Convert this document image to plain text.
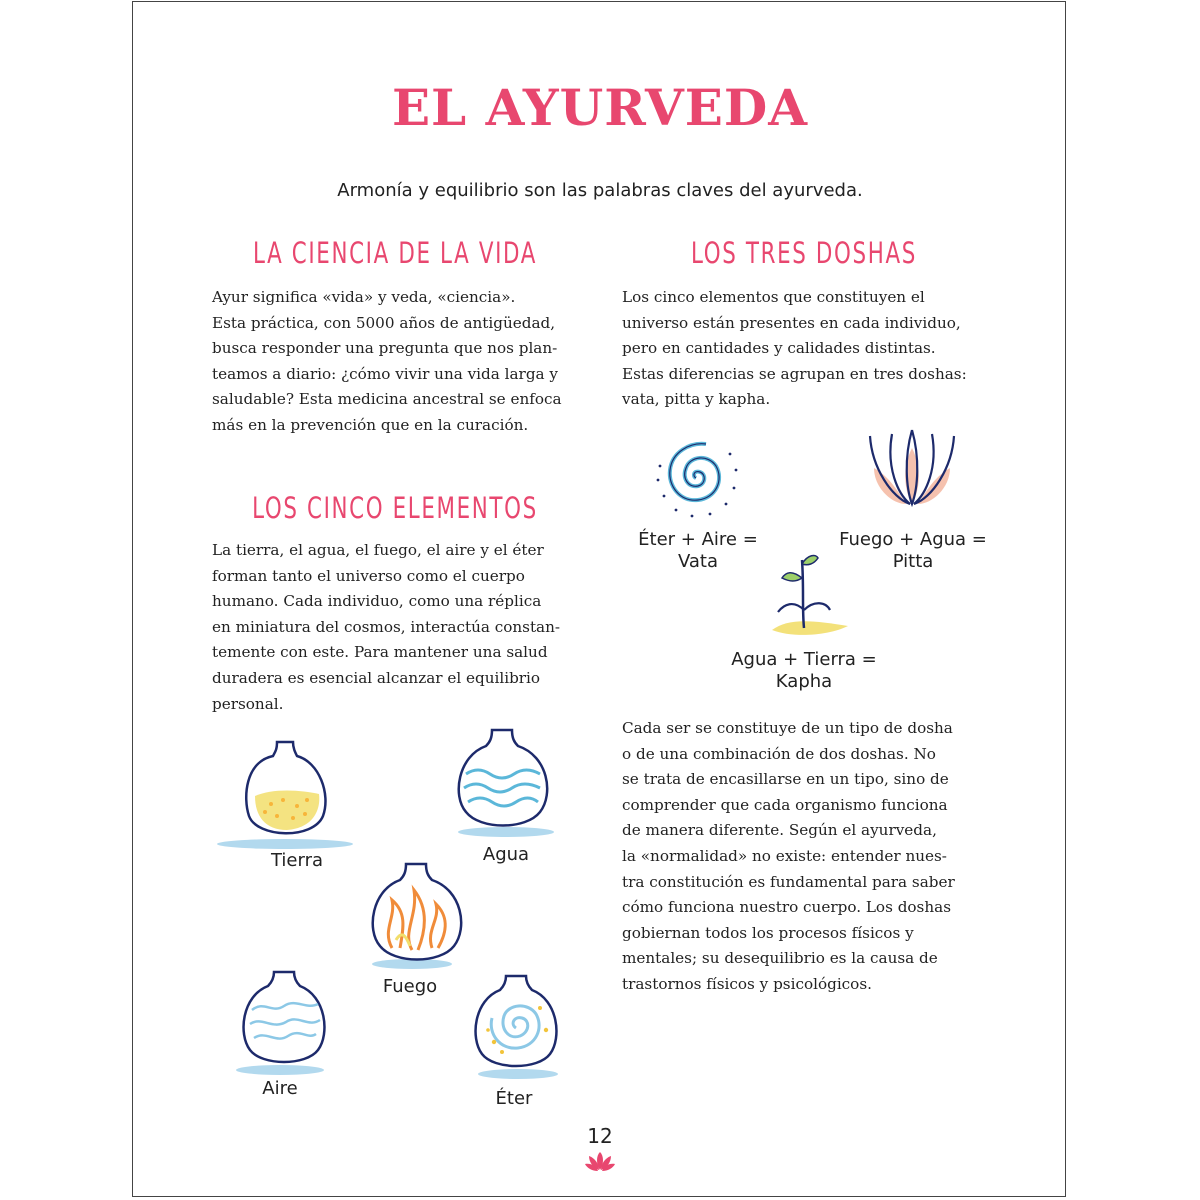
EL AYURVEDA
Armonía y equilibrio son las palabras claves del ayurveda.
LA CIENCIA DE LA VIDA
Ayur significa «vida» y veda, «ciencia».
Esta práctica, con 5000 años de antigüedad,
busca responder una pregunta que nos plan-
teamos a diario: ¿cómo vivir una vida larga y
saludable? Esta medicina ancestral se enfoca
más en la prevención que en la curación.
LOS CINCO ELEMENTOS
La tierra, el agua, el fuego, el aire y el éter
forman tanto el universo como el cuerpo
humano. Cada individuo, como una réplica
en miniatura del cosmos, interactúa constan-
temente con este. Para mantener una salud
duradera es esencial alcanzar el equilibrio
personal.
Tierra	Agua
Fuego
Aire	Éter
LOS TRES DOSHAS
Los cinco elementos que constituyen el
universo están presentes en cada individuo,
pero en cantidades y calidades distintas.
Estas diferencias se agrupan en tres doshas:
vata, pitta y kapha.
Éter + Aire =
Vata
Fuego + Agua =
Pitta
Agua + Tierra =
Kapha
Cada ser se constituye de un tipo de dosha
o de una combinación de dos doshas. No
se trata de encasillarse en un tipo, sino de
comprender que cada organismo funciona
de manera diferente. Según el ayurveda,
la «normalidad» no existe: entender nues-
tra constitución es fundamental para saber
cómo funciona nuestro cuerpo. Los doshas
gobiernan todos los procesos físicos y
mentales; su desequilibrio es la causa de
trastornos físicos y psicológicos.
12
